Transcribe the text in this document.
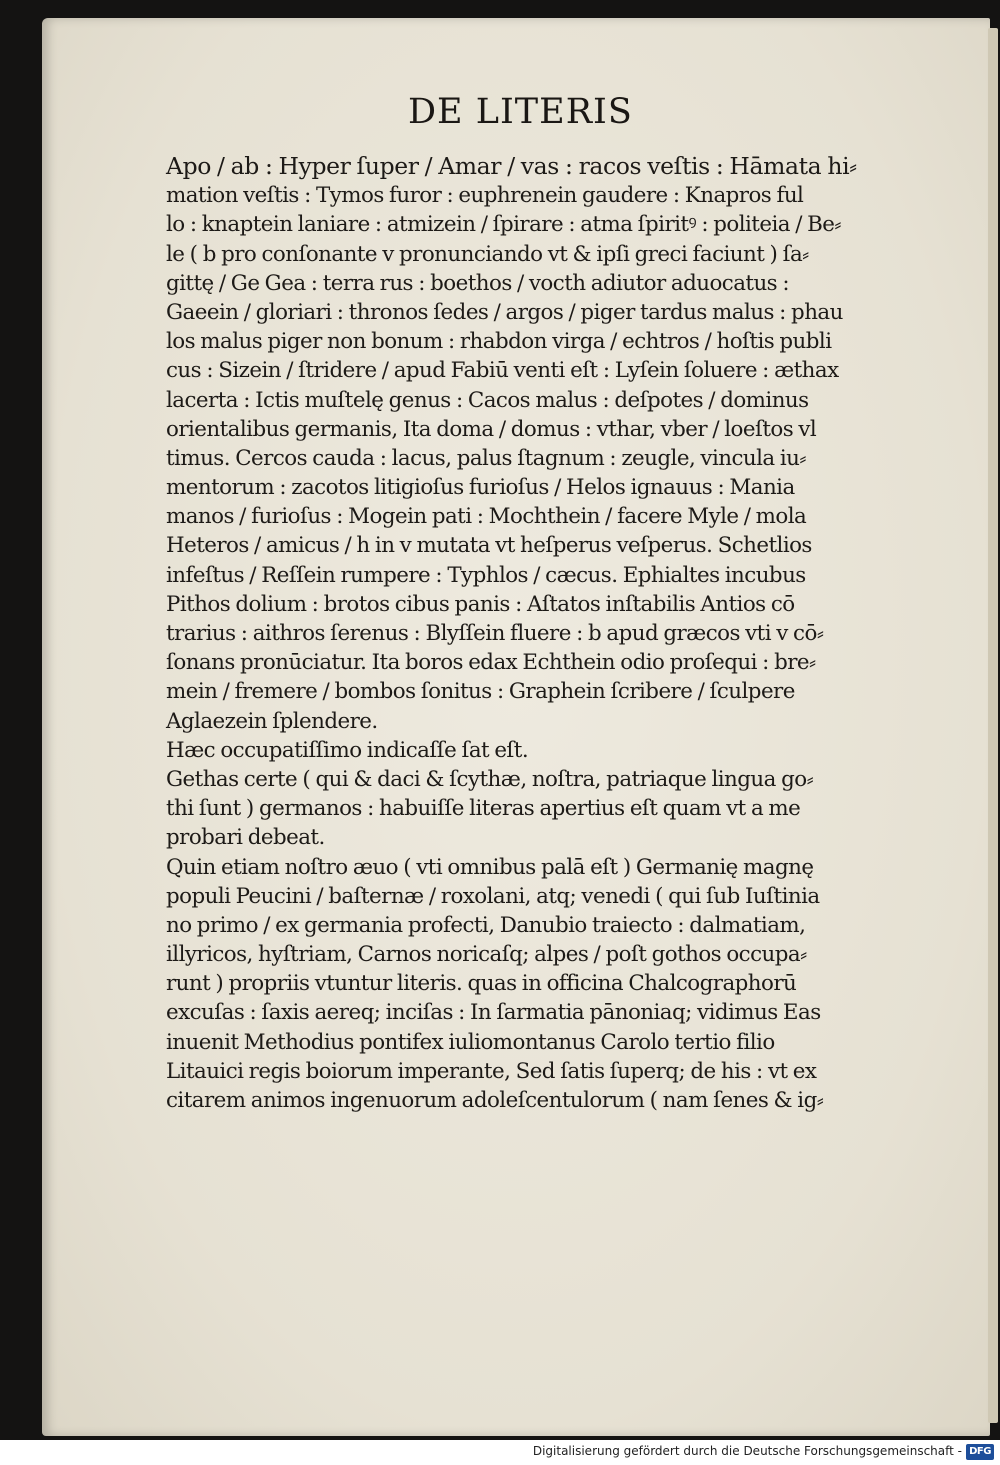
DE LITERIS
Apo / ab : Hyper ſuper / Amar / vas : racos veſtis : Hāmata hi⸗
mation veſtis : Tymos furor : euphrenein gaudere : Knapros ful
lo : knaptein laniare : atmizein / ſpirare : atma ſpiritꝰ : politeia / Be⸗
le ( b pro conſonante v pronunciando vt & ipſi greci faciunt ) ſa⸗
gittę / Ge Gea : terra rus : boethos / vocth adiutor aduocatus :
Gaeein / gloriari : thronos ſedes / argos / piger tardus malus : phau
los malus piger non bonum : rhabdon virga / echtros / hoſtis publi
cus : Sizein / ſtridere / apud Fabiū venti eſt : Lyſein ſoluere : æthax
lacerta : Ictis muſtelę genus : Cacos malus : deſpotes / dominus
orientalibus germanis, Ita doma / domus : vthar, vber / loeſtos vl
timus. Cercos cauda : lacus, palus ſtagnum : zeugle, vincula iu⸗
mentorum : zacotos litigioſus furioſus / Helos ignauus : Mania
manos / furioſus : Mogein pati : Mochthein / facere Myle / mola
Heteros / amicus / h in v mutata vt heſperus veſperus. Schetlios
infeſtus / Reſſein rumpere : Typhlos / cæcus. Ephialtes incubus
Pithos dolium : brotos cibus panis : Aſtatos inſtabilis Antios cō
trarius : aithros ſerenus : Blyſſein fluere : b apud græcos vti v cō⸗
ſonans pronūciatur. Ita boros edax Echthein odio proſequi : bre⸗
mein / fremere / bombos ſonitus : Graphein ſcribere / ſculpere
Aglaezein ſplendere.
Hæc occupatiſſimo indicaſſe ſat eſt.
Gethas certe ( qui & daci & ſcythæ, noſtra, patriaque lingua go⸗
thi ſunt ) germanos : habuiſſe literas apertius eſt quam vt a me
probari debeat.
Quin etiam noſtro æuo ( vti omnibus palā eſt ) Germanię magnę
populi Peucini / baſternæ / roxolani, atq; venedi ( qui ſub Iuſtinia
no primo / ex germania profecti, Danubio traiecto : dalmatiam,
illyricos, hyſtriam, Carnos noricaſq; alpes / poſt gothos occupa⸗
runt ) propriis vtuntur literis. quas in officina Chalcographorū
excuſas : ſaxis aereq; inciſas : In ſarmatia pānoniaq; vidimus Eas
inuenit Methodius pontifex iuliomontanus Carolo tertio filio
Litauici regis boiorum imperante, Sed ſatis ſuperq; de his : vt ex
citarem animos ingenuorum adoleſcentulorum ( nam ſenes & ig⸗
Digitalisierung gefördert durch die Deutsche Forschungsgemeinschaft - DFG
